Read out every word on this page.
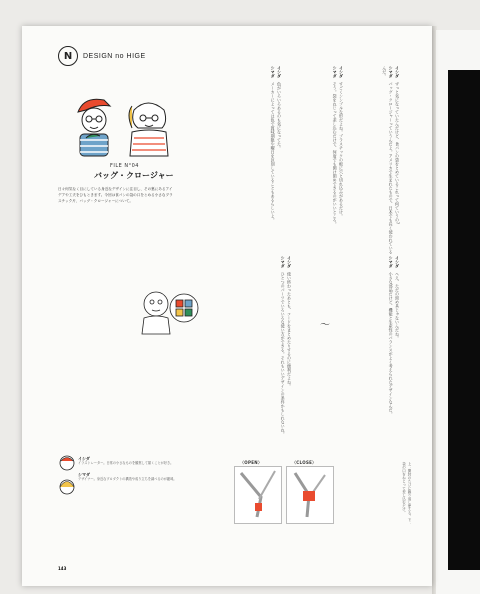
N	DESIGN no HIGE
FILE N°04
バッグ・クロージャー
日々何気なく目にしている身近なデザインに注目し、その裏にあるアイデアや工夫をひもときます。今回は食パンの袋の口をとめる小さなプラスチック片、バッグ・クロージャーについて。
イシダ　ずっと気になっていたんだけど、食パンの袋をとめているこれって何ていうの?
シマダ　バッグ・クロージャーっていうんだよ。アメリカで生まれたもので、日本でも長く使われているんだ。
イシダ　すごくシンプルな形だよね。プラスチックの板に穴と切れ込みがあるだけ。
シマダ　そう。袋をねじって差し込むだけで、何度でも開け閉めできるのがいいところ。
イシダ　色がいろいろあるのも気になってた。
シマダ　メーカーによっては色で賞味期限や曜日を区別していることもあるらしいよ。
イシダ　へえ、ただの留め具じゃないんだね。
シマダ　小さな部品だけど、機能と生産性のバランスがよく考えられたデザインなんだ。
イシダ　使い終わったあとも、コードをまとめたりするのに便利だよね。
シマダ　ひとつのパーツでいろいろな使い方ができる。それもいいデザインの条件かもしれないね。	〜
イシダ
イラストレーター。日常の小さなものを観察して描くことが好き。
シマダ
デザイナー。身近なプロダクトの構造や成り立ちを調べるのが趣味。
〈OPEN〉	〈CLOSE〉	上：開封のたびに繰り返し使える。下：袋の口をねじって差し込むだけ。
143
